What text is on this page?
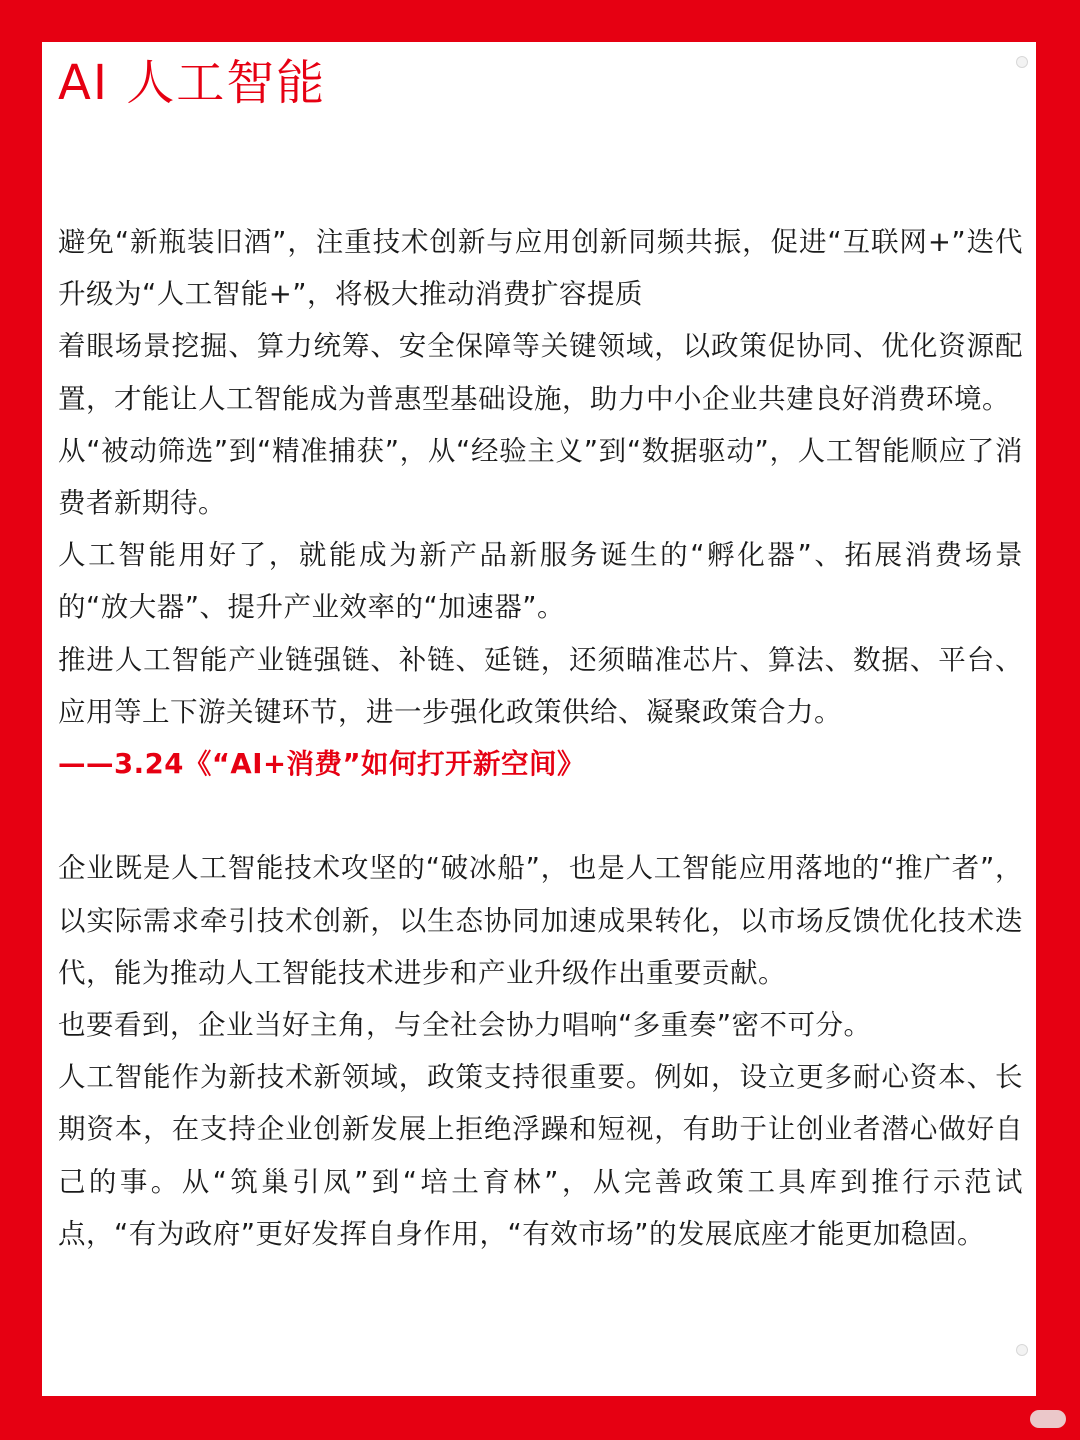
AI 人工智能

避免“新瓶装旧酒”，注重技术创新与应用创新同频共振，促进“互联网+”迭代升级为“人工智能+”，将极大推动消费扩容提质

着眼场景挖掘、算力统筹、安全保障等关键领域，以政策促协同、优化资源配置，才能让人工智能成为普惠型基础设施，助力中小企业共建良好消费环境。

从“被动筛选”到“精准捕获”，从“经验主义”到“数据驱动”，人工智能顺应了消费者新期待。

人工智能用好了，就能成为新产品新服务诞生的“孵化器”、拓展消费场景的“放大器”、提升产业效率的“加速器”。

推进人工智能产业链强链、补链、延链，还须瞄准芯片、算法、数据、平台、应用等上下游关键环节，进一步强化政策供给、凝聚政策合力。

——3.24《“AI+消费”如何打开新空间》

企业既是人工智能技术攻坚的“破冰船”，也是人工智能应用落地的“推广者”，以实际需求牵引技术创新，以生态协同加速成果转化，以市场反馈优化技术迭代，能为推动人工智能技术进步和产业升级作出重要贡献。

也要看到，企业当好主角，与全社会协力唱响“多重奏”密不可分。

人工智能作为新技术新领域，政策支持很重要。例如，设立更多耐心资本、长期资本，在支持企业创新发展上拒绝浮躁和短视，有助于让创业者潜心做好自己的事。从“筑巢引凤”到“培土育林”，从完善政策工具库到推行示范试点，“有为政府”更好发挥自身作用，“有效市场”的发展底座才能更加稳固。
